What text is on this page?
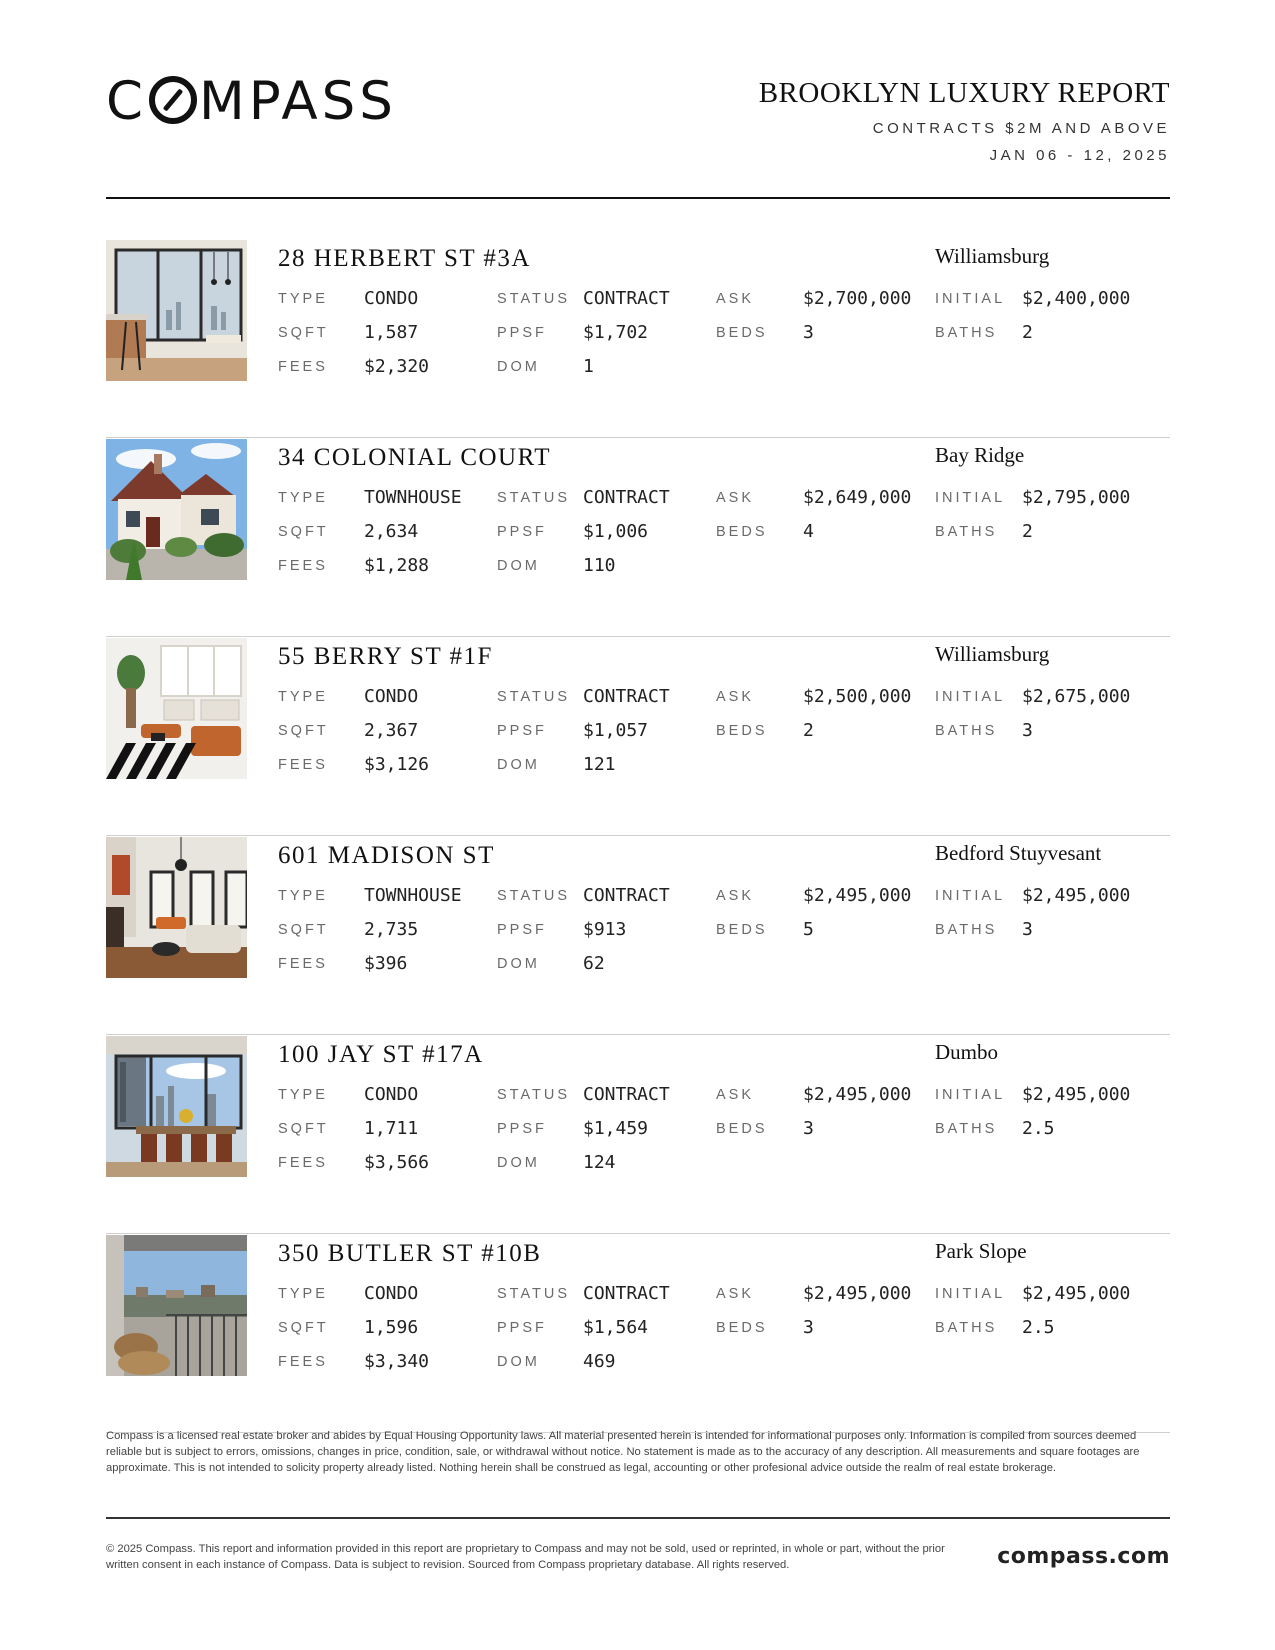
C MPASS	BROOKLYN LUXURY REPORT
CONTRACTS $2M AND ABOVE
JAN 06 - 12, 2025
28 HERBERT ST #3A	Williamsburg
TYPE CONDO	STATUS CONTRACT	ASK	$2,700,000 INITIAL $2,400,000
SQFT 1,587	PPSF $1,702	BEDS 3	BATHS 2
FEES $2,320	DOM 1
34 COLONIAL COURT	Bay Ridge
TYPE TOWNHOUSE STATUS CONTRACT	ASK	$2,649,000 INITIAL $2,795,000
SQFT 2,634	PPSF $1,006	BEDS 4	BATHS 2
FEES $1,288	DOM 110
55 BERRY ST #1F	Williamsburg
TYPE CONDO	STATUS CONTRACT	ASK	$2,500,000 INITIAL $2,675,000
SQFT 2,367	PPSF $1,057	BEDS 2	BATHS 3
FEES $3,126	DOM 121
601 MADISON ST	Bedford Stuyvesant
TYPE TOWNHOUSE STATUS CONTRACT	ASK	$2,495,000 INITIAL $2,495,000
SQFT 2,735	PPSF $913	BEDS 5	BATHS 3
FEES $396	DOM 62
100 JAY ST #17A	Dumbo
TYPE CONDO	STATUS CONTRACT	ASK	$2,495,000 INITIAL $2,495,000
SQFT 1,711	PPSF $1,459	BEDS 3	BATHS 2.5
FEES $3,566	DOM 124
350 BUTLER ST #10B	Park Slope
TYPE CONDO	STATUS CONTRACT	ASK	$2,495,000 INITIAL $2,495,000
SQFT 1,596	PPSF $1,564	BEDS 3	BATHS 2.5
FEES $3,340	DOM 469
Compass is a licensed real estate broker and abides by Equal Housing Opportunity laws. All material presented herein is intended for informational purposes only. Information is compiled from sources deemed reliable but is subject to errors, omissions, changes in price, condition, sale, or withdrawal without notice. No statement is made as to the accuracy of any description. All measurements and square footages are approximate. This is not intended to solicity property already listed. Nothing herein shall be construed as legal, accounting or other profesional advice outside the realm of real estate brokerage.
© 2025 Compass. This report and information provided in this report are proprietary to Compass and may not be sold, used or reprinted, in whole or part, without the prior written consent in each instance of Compass. Data is subject to revision. Sourced from Compass proprietary database. All rights reserved.	compass.com
